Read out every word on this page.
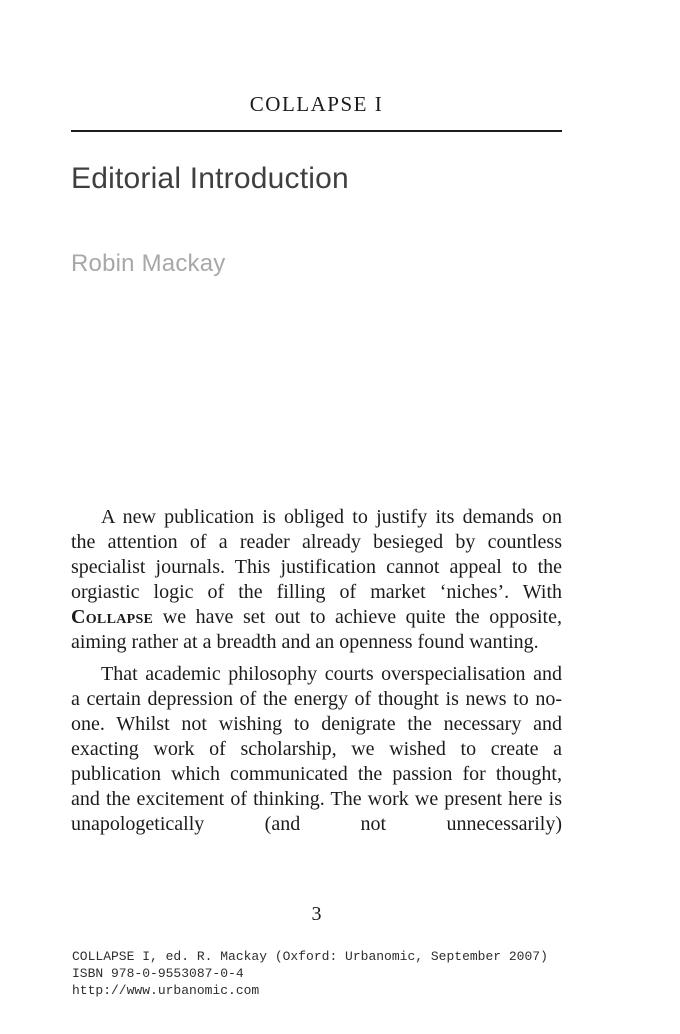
COLLAPSE I
Editorial Introduction
Robin Mackay

A new publication is obliged to justify its demands on the attention of a reader already besieged by countless specialist journals. This justification cannot appeal to the orgiastic logic of the filling of market ‘niches’. With Collapse we have set out to achieve quite the opposite, aiming rather at a breadth and an openness found wanting.

That academic philosophy courts overspecialisation and a certain depression of the energy of thought is news to no-one. Whilst not wishing to denigrate the necessary and exacting work of scholarship, we wished to create a publication which communicated the passion for thought, and the excitement of thinking. The work we present here is unapologetically (and not unnecessarily)

3
COLLAPSE I, ed. R. Mackay (Oxford: Urbanomic, September 2007)
ISBN 978-0-9553087-0-4
http://www.urbanomic.com
